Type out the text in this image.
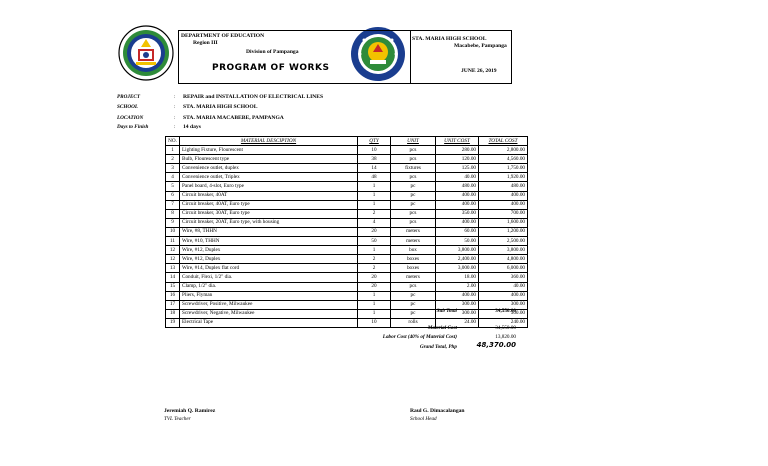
DEPARTMENT OF EDUCATION
Region III
Division of Pampanga
STA. MARIA HIGH SCHOOL
Macabebe, Pampanga
PROGRAM OF WORKS	JUNE 26, 2019
PROJECT	: REPAIR and INSTALLATION OF ELECTRICAL LINES
SCHOOL	: STA. MARIA HIGH SCHOOL
LOCATION	: STA. MARIA MACABEBE, PAMPANGA
Days to Finish	: 14 days
NO.	MATERIAL DESCIPTION	QTY	UNIT	UNIT COST	TOTAL COST
1	Lighting Fixture, Flourescent	10	pcs	280.00	2,800.00
2	Bulb, Flourescent type	38	pcs	120.00	4,560.00
3	Convenience outlet, duplex	14	fixtures	125.00	1,750.00
4	Convenience outlet, Triplex	48	pcs	40.00	1,920.00
5	Panel board, 4-slot, Euro type	1	pc	480.00	480.00
6	Circuit breaker, 40AT	1	pc	400.00	400.00
7	Circuit breaker, 40AT, Euro type	1	pc	400.00	400.00
8	Circuit breaker, 30AT, Euro type	2	pcs	350.00	700.00
9	Circuit breaker, 20AT, Euro type, with housing	4	pcs	400.00	1,600.00
10	Wire, #8, THHN	20	meters	60.00	1,200.00
11	Wire, #10, THHN	50	meters	50.00	2,500.00
12	Wire, #12, Duplex	1	box	3,800.00	3,800.00
12	Wire, #12, Duplex	2	boxes	2,400.00	4,800.00
13	Wire, #14, Duplex flat cord	2	boxes	3,000.00	6,000.00
14	Conduit, Flexi, 1/2" dia.	20	meters	18.00	360.00
15	Clamp, 1/2" dia.	20	pcs	2.00	40.00
16	Pliers, Flyman	1	pc	400.00	400.00
17	Screwdriver, Positive, Milwaukee	1	pc	300.00	300.00
18	Screwdriver, Negative, Milwaukee	1	pc	300.00	300.00
19	Electrical Tape	10	rolls	24.00	240.00
Sub Total	34,550.00
Material Cost	34,550.00
Labor Cost (40% of Material Cost)	13,820.00
Grand Total, Php	48,370.00
Jeremiah Q. Ramirez
TVL Teacher
Raul G. Dimacalangan
School Head
